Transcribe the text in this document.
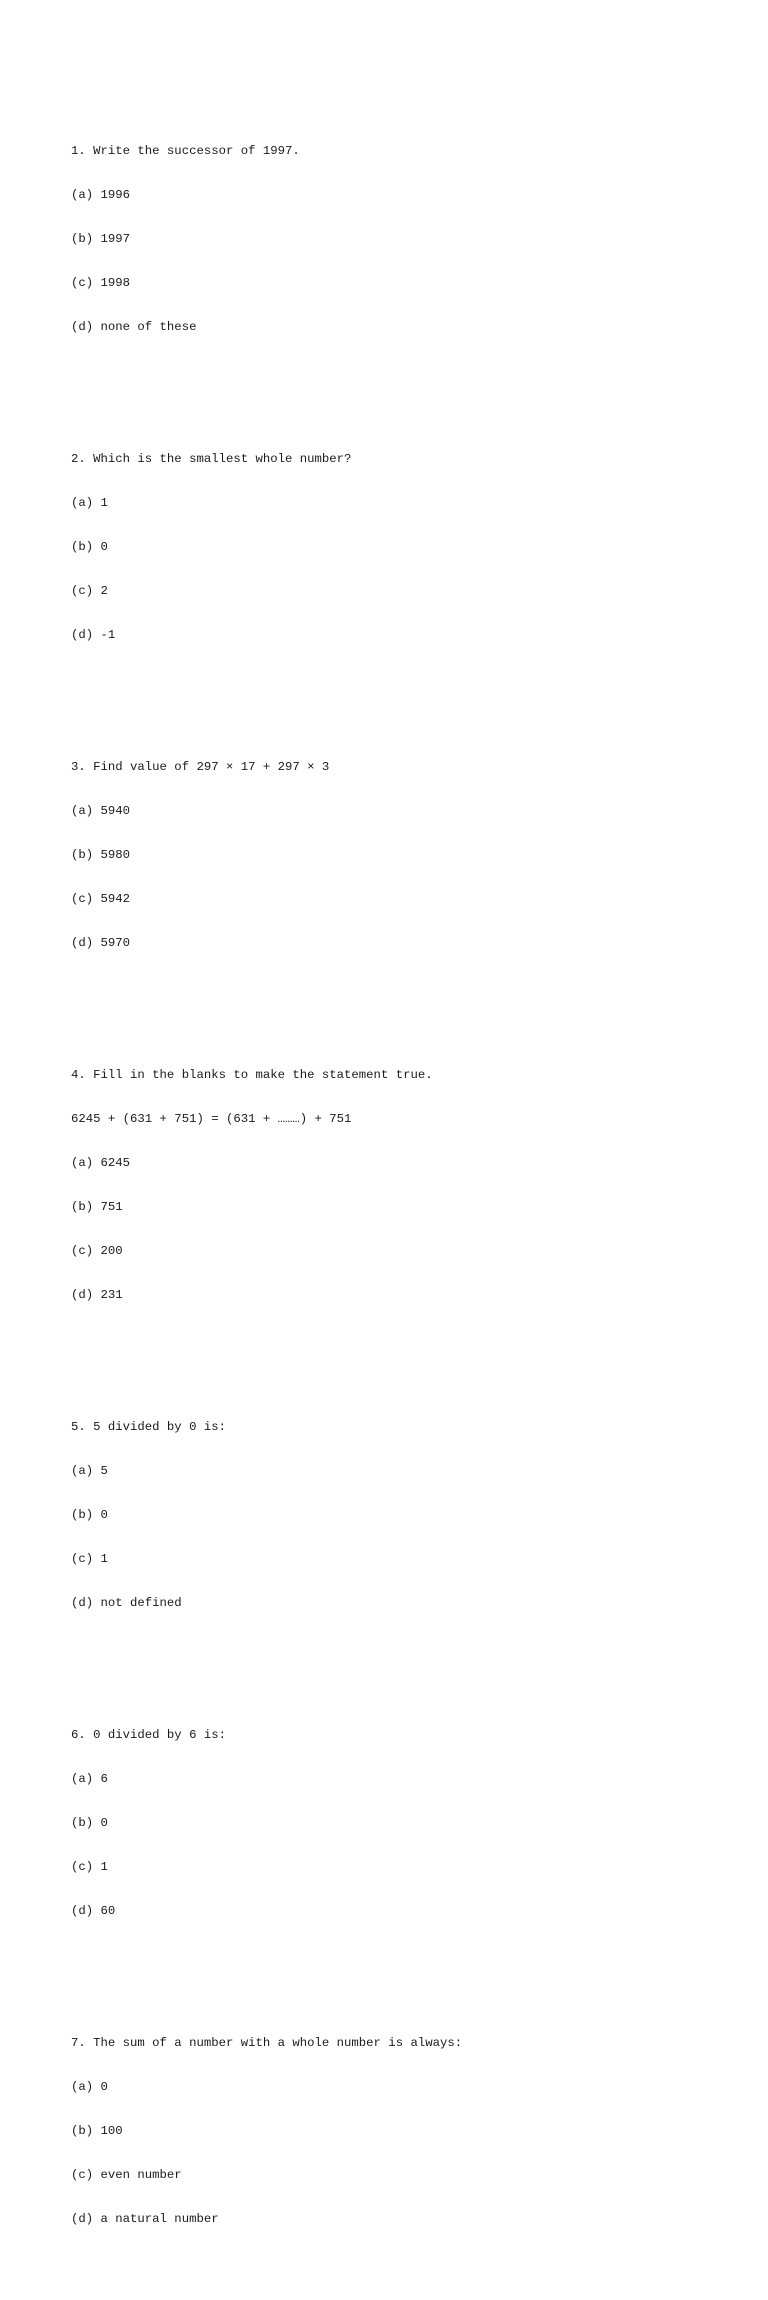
1. Write the successor of 1997.

(a) 1996

(b) 1997

(c) 1998

(d) none of these

2. Which is the smallest whole number?

(a) 1

(b) 0

(c) 2

(d) -1

3. Find value of 297 × 17 + 297 × 3

(a) 5940

(b) 5980

(c) 5942

(d) 5970

4. Fill in the blanks to make the statement true.

6245 + (631 + 751) = (631 + ………) + 751

(a) 6245

(b) 751

(c) 200

(d) 231

5. 5 divided by 0 is:

(a) 5

(b) 0

(c) 1

(d) not defined

6. 0 divided by 6 is:

(a) 6

(b) 0

(c) 1

(d) 60

7. The sum of a number with a whole number is always:

(a) 0

(b) 100

(c) even number

(d) a natural number
